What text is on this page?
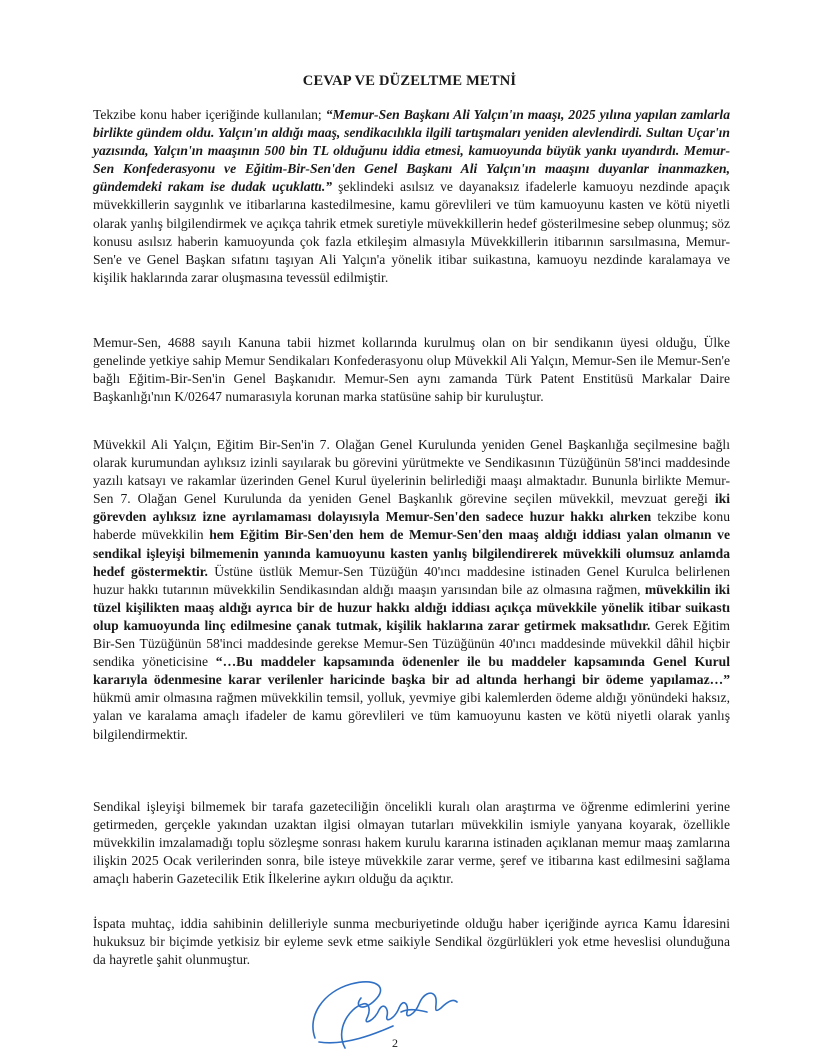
CEVAP VE DÜZELTME METNİ

Tekzibe konu haber içeriğinde kullanılan; “Memur-Sen Başkanı Ali Yalçın'ın maaşı, 2025 yılına yapılan zamlarla birlikte gündem oldu. Yalçın'ın aldığı maaş, sendikacılıkla ilgili tartışmaları yeniden alevlendirdi. Sultan Uçar'ın yazısında, Yalçın'ın maaşının 500 bin TL olduğunu iddia etmesi, kamuoyunda büyük yankı uyandırdı. Memur-Sen Konfederasyonu ve Eğitim-Bir-Sen'den Genel Başkanı Ali Yalçın'ın maaşını duyanlar inanmazken, gündemdeki rakam ise dudak uçuklattı.” şeklindeki asılsız ve dayanaksız ifadelerle kamuoyu nezdinde apaçık müvekkillerin saygınlık ve itibarlarına kastedilmesine, kamu görevlileri ve tüm kamuoyunu kasten ve kötü niyetli olarak yanlış bilgilendirmek ve açıkça tahrik etmek suretiyle müvekkillerin hedef gösterilmesine sebep olunmuş; söz konusu asılsız haberin kamuoyunda çok fazla etkileşim almasıyla Müvekkillerin itibarının sarsılmasına, Memur-Sen'e ve Genel Başkan sıfatını taşıyan Ali Yalçın'a yönelik itibar suikastına, kamuoyu nezdinde karalamaya ve kişilik haklarında zarar oluşmasına tevessül edilmiştir.

Memur-Sen, 4688 sayılı Kanuna tabii hizmet kollarında kurulmuş olan on bir sendikanın üyesi olduğu, Ülke genelinde yetkiye sahip Memur Sendikaları Konfederasyonu olup Müvekkil Ali Yalçın, Memur-Sen ile Memur-Sen'e bağlı Eğitim-Bir-Sen'in Genel Başkanıdır. Memur-Sen aynı zamanda Türk Patent Enstitüsü Markalar Daire Başkanlığı'nın K/02647 numarasıyla korunan marka statüsüne sahip bir kuruluştur.

Müvekkil Ali Yalçın, Eğitim Bir-Sen'in 7. Olağan Genel Kurulunda yeniden Genel Başkanlığa seçilmesine bağlı olarak kurumundan aylıksız izinli sayılarak bu görevini yürütmekte ve Sendikasının Tüzüğünün 58'inci maddesinde yazılı katsayı ve rakamlar üzerinden Genel Kurul üyelerinin belirlediği maaşı almaktadır. Bununla birlikte Memur-Sen 7. Olağan Genel Kurulunda da yeniden Genel Başkanlık görevine seçilen müvekkil, mevzuat gereği iki görevden aylıksız izne ayrılamaması dolayısıyla Memur-Sen'den sadece huzur hakkı alırken tekzibe konu haberde müvekkilin hem Eğitim Bir-Sen'den hem de Memur-Sen'den maaş aldığı iddiası yalan olmanın ve sendikal işleyişi bilmemenin yanında kamuoyunu kasten yanlış bilgilendirerek müvekkili olumsuz anlamda hedef göstermektir. Üstüne üstlük Memur-Sen Tüzüğün 40'ıncı maddesine istinaden Genel Kurulca belirlenen huzur hakkı tutarının müvekkilin Sendikasından aldığı maaşın yarısından bile az olmasına rağmen, müvekkilin iki tüzel kişilikten maaş aldığı ayrıca bir de huzur hakkı aldığı iddiası açıkça müvekkile yönelik itibar suikastı olup kamuoyunda linç edilmesine çanak tutmak, kişilik haklarına zarar getirmek maksatlıdır. Gerek Eğitim Bir-Sen Tüzüğünün 58'inci maddesinde gerekse Memur-Sen Tüzüğünün 40'ıncı maddesinde müvekkil dâhil hiçbir sendika yöneticisine “…Bu maddeler kapsamında ödenenler ile bu maddeler kapsamında Genel Kurul kararıyla ödenmesine karar verilenler haricinde başka bir ad altında herhangi bir ödeme yapılamaz…” hükmü amir olmasına rağmen müvekkilin temsil, yolluk, yevmiye gibi kalemlerden ödeme aldığı yönündeki haksız, yalan ve karalama amaçlı ifadeler de kamu görevlileri ve tüm kamuoyunu kasten ve kötü niyetli olarak yanlış bilgilendirmektir.

Sendikal işleyişi bilmemek bir tarafa gazeteciliğin öncelikli kuralı olan araştırma ve öğrenme edimlerini yerine getirmeden, gerçekle yakından uzaktan ilgisi olmayan tutarları müvekkilin ismiyle yanyana koyarak, özellikle müvekkilin imzalamadığı toplu sözleşme sonrası hakem kurulu kararına istinaden açıklanan memur maaş zamlarına ilişkin 2025 Ocak verilerinden sonra, bile isteye müvekkile zarar verme, şeref ve itibarına kast edilmesini sağlama amaçlı haberin Gazetecilik Etik İlkelerine aykırı olduğu da açıktır.

İspata muhtaç, iddia sahibinin delilleriyle sunma mecburiyetinde olduğu haber içeriğinde ayrıca Kamu İdaresini hukuksuz bir biçimde yetkisiz bir eyleme sevk etme saikiyle Sendikal özgürlükleri yok etme heveslisi olunduğuna da hayretle şahit olunmuştur.

2
